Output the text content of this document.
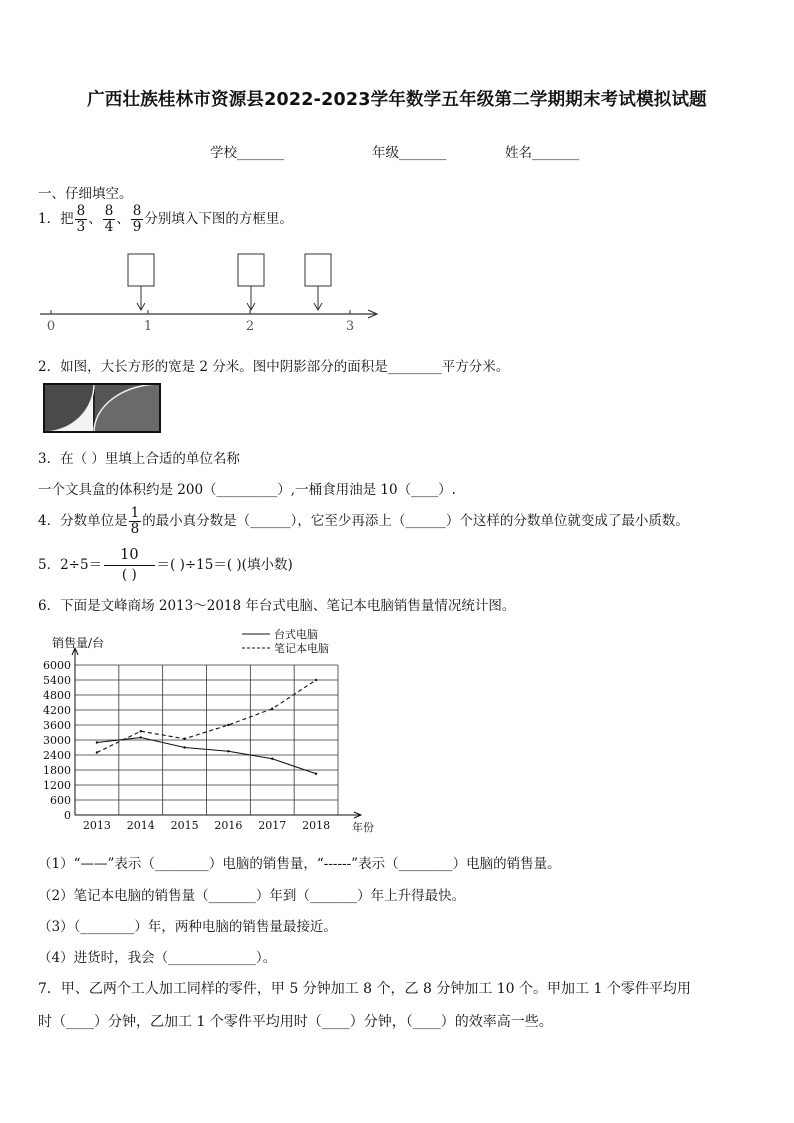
广西壮族桂林市资源县2022-2023学年数学五年级第二学期期末考试模拟试题
学校_______	年级_______	姓名_______
一、仔细填空。
1．把 $\frac{8}{3}$ 、 $\frac{8}{4}$ 、 $\frac{8}{9}$ 分别填入下图的方框里。
0	1	2	3
2．如图，大长方形的宽是 2 分米。图中阴影部分的面积是________平方分米。
3．在（ ）里填上合适的单位名称
一个文具盒的体积约是 200（_________）,一桶食用油是 10（____）.
4．分数单位是 $\frac{1}{8}$ 的最小真分数是（______），它至少再添上（______）个这样的分数单位就变成了最小质数。
5．2÷5＝
10
( )
＝( )÷15＝( )(填小数)
6．下面是文峰商场 2013～2018 年台式电脑、笔记本电脑销售量情况统计图。
0
600
1200
1800
2400
3000
3600
4200
4800
5400
6000
2013 2014 2015 2016 2017 2018
销售量/台
年份
台式电脑
笔记本电脑
（1）“——”表示（________）电脑的销售量，“------”表示（________）电脑的销售量。
（2）笔记本电脑的销售量（_______）年到（_______）年上升得最快。
（3）（________）年，两种电脑的销售量最接近。
（4）进货时，我会（_____________）。
7．甲、乙两个工人加工同样的零件，甲 5 分钟加工 8 个，乙 8 分钟加工 10 个。甲加工 1 个零件平均用
时（____）分钟，乙加工 1 个零件平均用时（____）分钟，（____）的效率高一些。
